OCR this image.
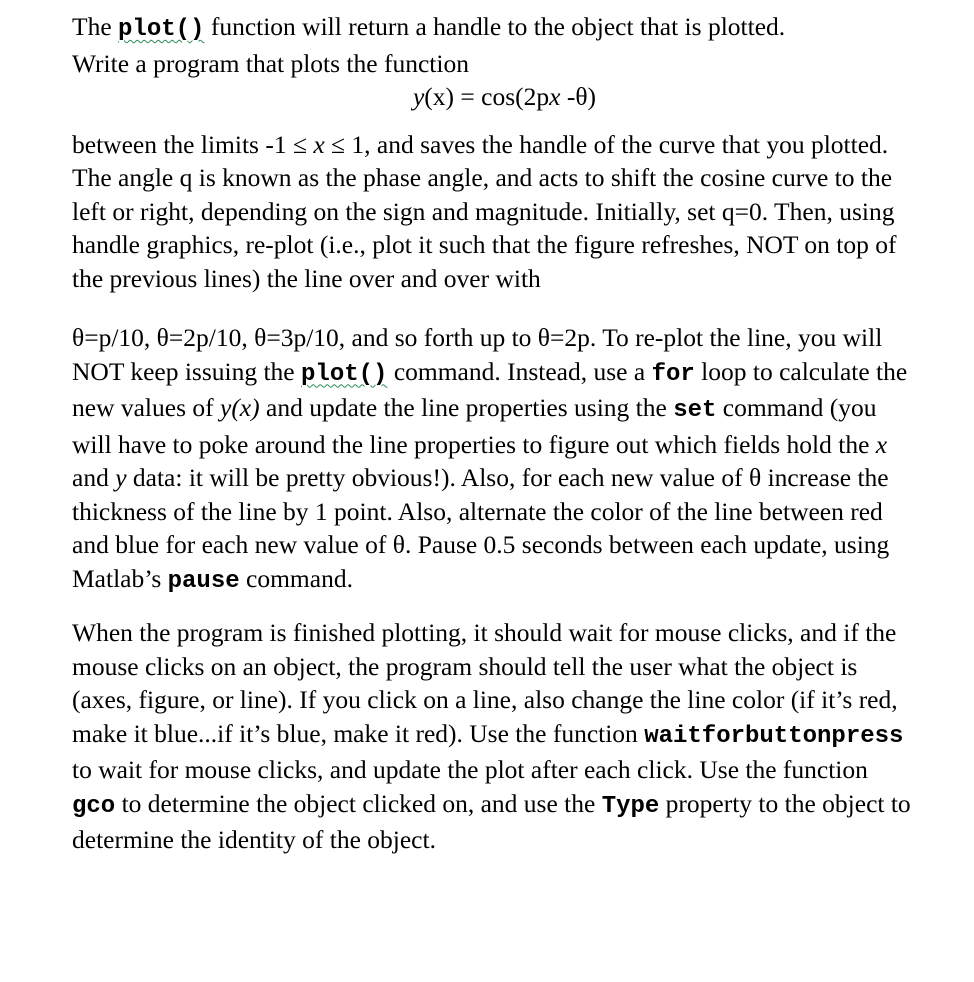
The plot() function will return a handle to the object that is plotted.
Write a program that plots the function

y(x) = cos(2px -θ)

between the limits -1 ≤ x ≤ 1, and saves the handle of the curve that you plotted. The angle q is known as the phase angle, and acts to shift the cosine curve to the left or right, depending on the sign and magnitude. Initially, set q=0. Then, using handle graphics, re-plot (i.e., plot it such that the figure refreshes, NOT on top of the previous lines) the line over and over with

θ=p/10, θ=2p/10, θ=3p/10, and so forth up to θ=2p. To re-plot the line, you will NOT keep issuing the plot() command. Instead, use a for loop to calculate the new values of y(x) and update the line properties using the set command (you will have to poke around the line properties to figure out which fields hold the x and y data: it will be pretty obvious!). Also, for each new value of θ increase the thickness of the line by 1 point. Also, alternate the color of the line between red and blue for each new value of θ. Pause 0.5 seconds between each update, using Matlab’s pause command.

When the program is finished plotting, it should wait for mouse clicks, and if the mouse clicks on an object, the program should tell the user what the object is (axes, figure, or line). If you click on a line, also change the line color (if it’s red, make it blue...if it’s blue, make it red). Use the function waitforbuttonpress to wait for mouse clicks, and update the plot after each click. Use the function gco to determine the object clicked on, and use the Type property to the object to determine the identity of the object.
